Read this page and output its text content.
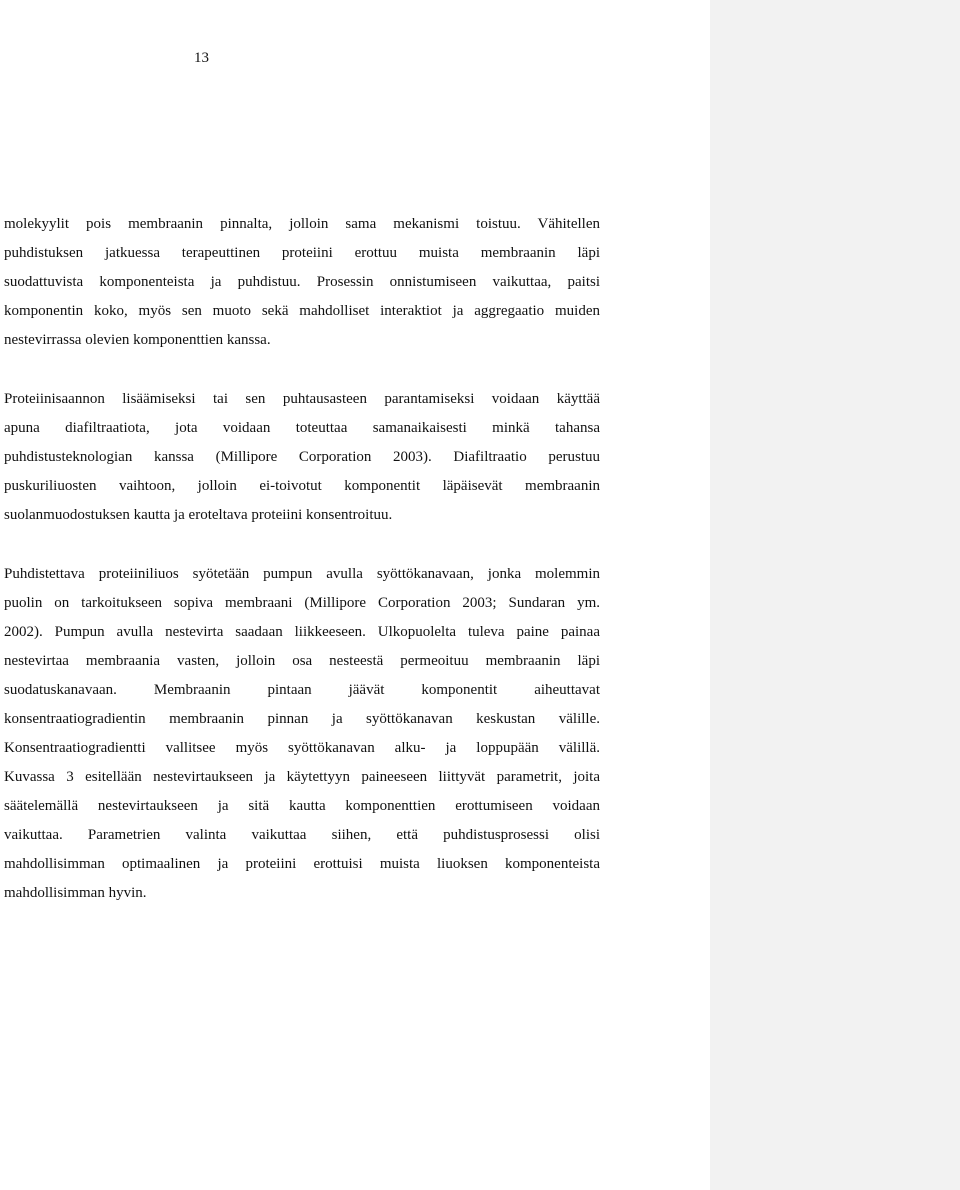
13

molekyylit pois membraanin pinnalta, jolloin sama mekanismi toistuu. Vähitellen
puhdistuksen jatkuessa terapeuttinen proteiini erottuu muista membraanin läpi
suodattuvista komponenteista ja puhdistuu. Prosessin onnistumiseen vaikuttaa, paitsi
komponentin koko, myös sen muoto sekä mahdolliset interaktiot ja aggregaatio muiden
nestevirrassa olevien komponenttien kanssa.

Proteiinisaannon lisäämiseksi tai sen puhtausasteen parantamiseksi voidaan käyttää
apuna diafiltraatiota, jota voidaan toteuttaa samanaikaisesti minkä tahansa
puhdistusteknologian kanssa (Millipore Corporation 2003). Diafiltraatio perustuu
puskuriliuosten vaihtoon, jolloin ei-toivotut komponentit läpäisevät membraanin
suolanmuodostuksen kautta ja eroteltava proteiini konsentroituu.

Puhdistettava proteiiniliuos syötetään pumpun avulla syöttökanavaan, jonka molemmin
puolin on tarkoitukseen sopiva membraani (Millipore Corporation 2003; Sundaran ym.
2002). Pumpun avulla nestevirta saadaan liikkeeseen. Ulkopuolelta tuleva paine painaa
nestevirtaa membraania vasten, jolloin osa nesteestä permeoituu membraanin läpi
suodatuskanavaan. Membraanin pintaan jäävät komponentit aiheuttavat
konsentraatiogradientin membraanin pinnan ja syöttökanavan keskustan välille.
Konsentraatiogradientti vallitsee myös syöttökanavan alku- ja loppupään välillä.
Kuvassa 3 esitellään nestevirtaukseen ja käytettyyn paineeseen liittyvät parametrit, joita
säätelemällä nestevirtaukseen ja sitä kautta komponenttien erottumiseen voidaan
vaikuttaa. Parametrien valinta vaikuttaa siihen, että puhdistusprosessi olisi
mahdollisimman optimaalinen ja proteiini erottuisi muista liuoksen komponenteista
mahdollisimman hyvin.
